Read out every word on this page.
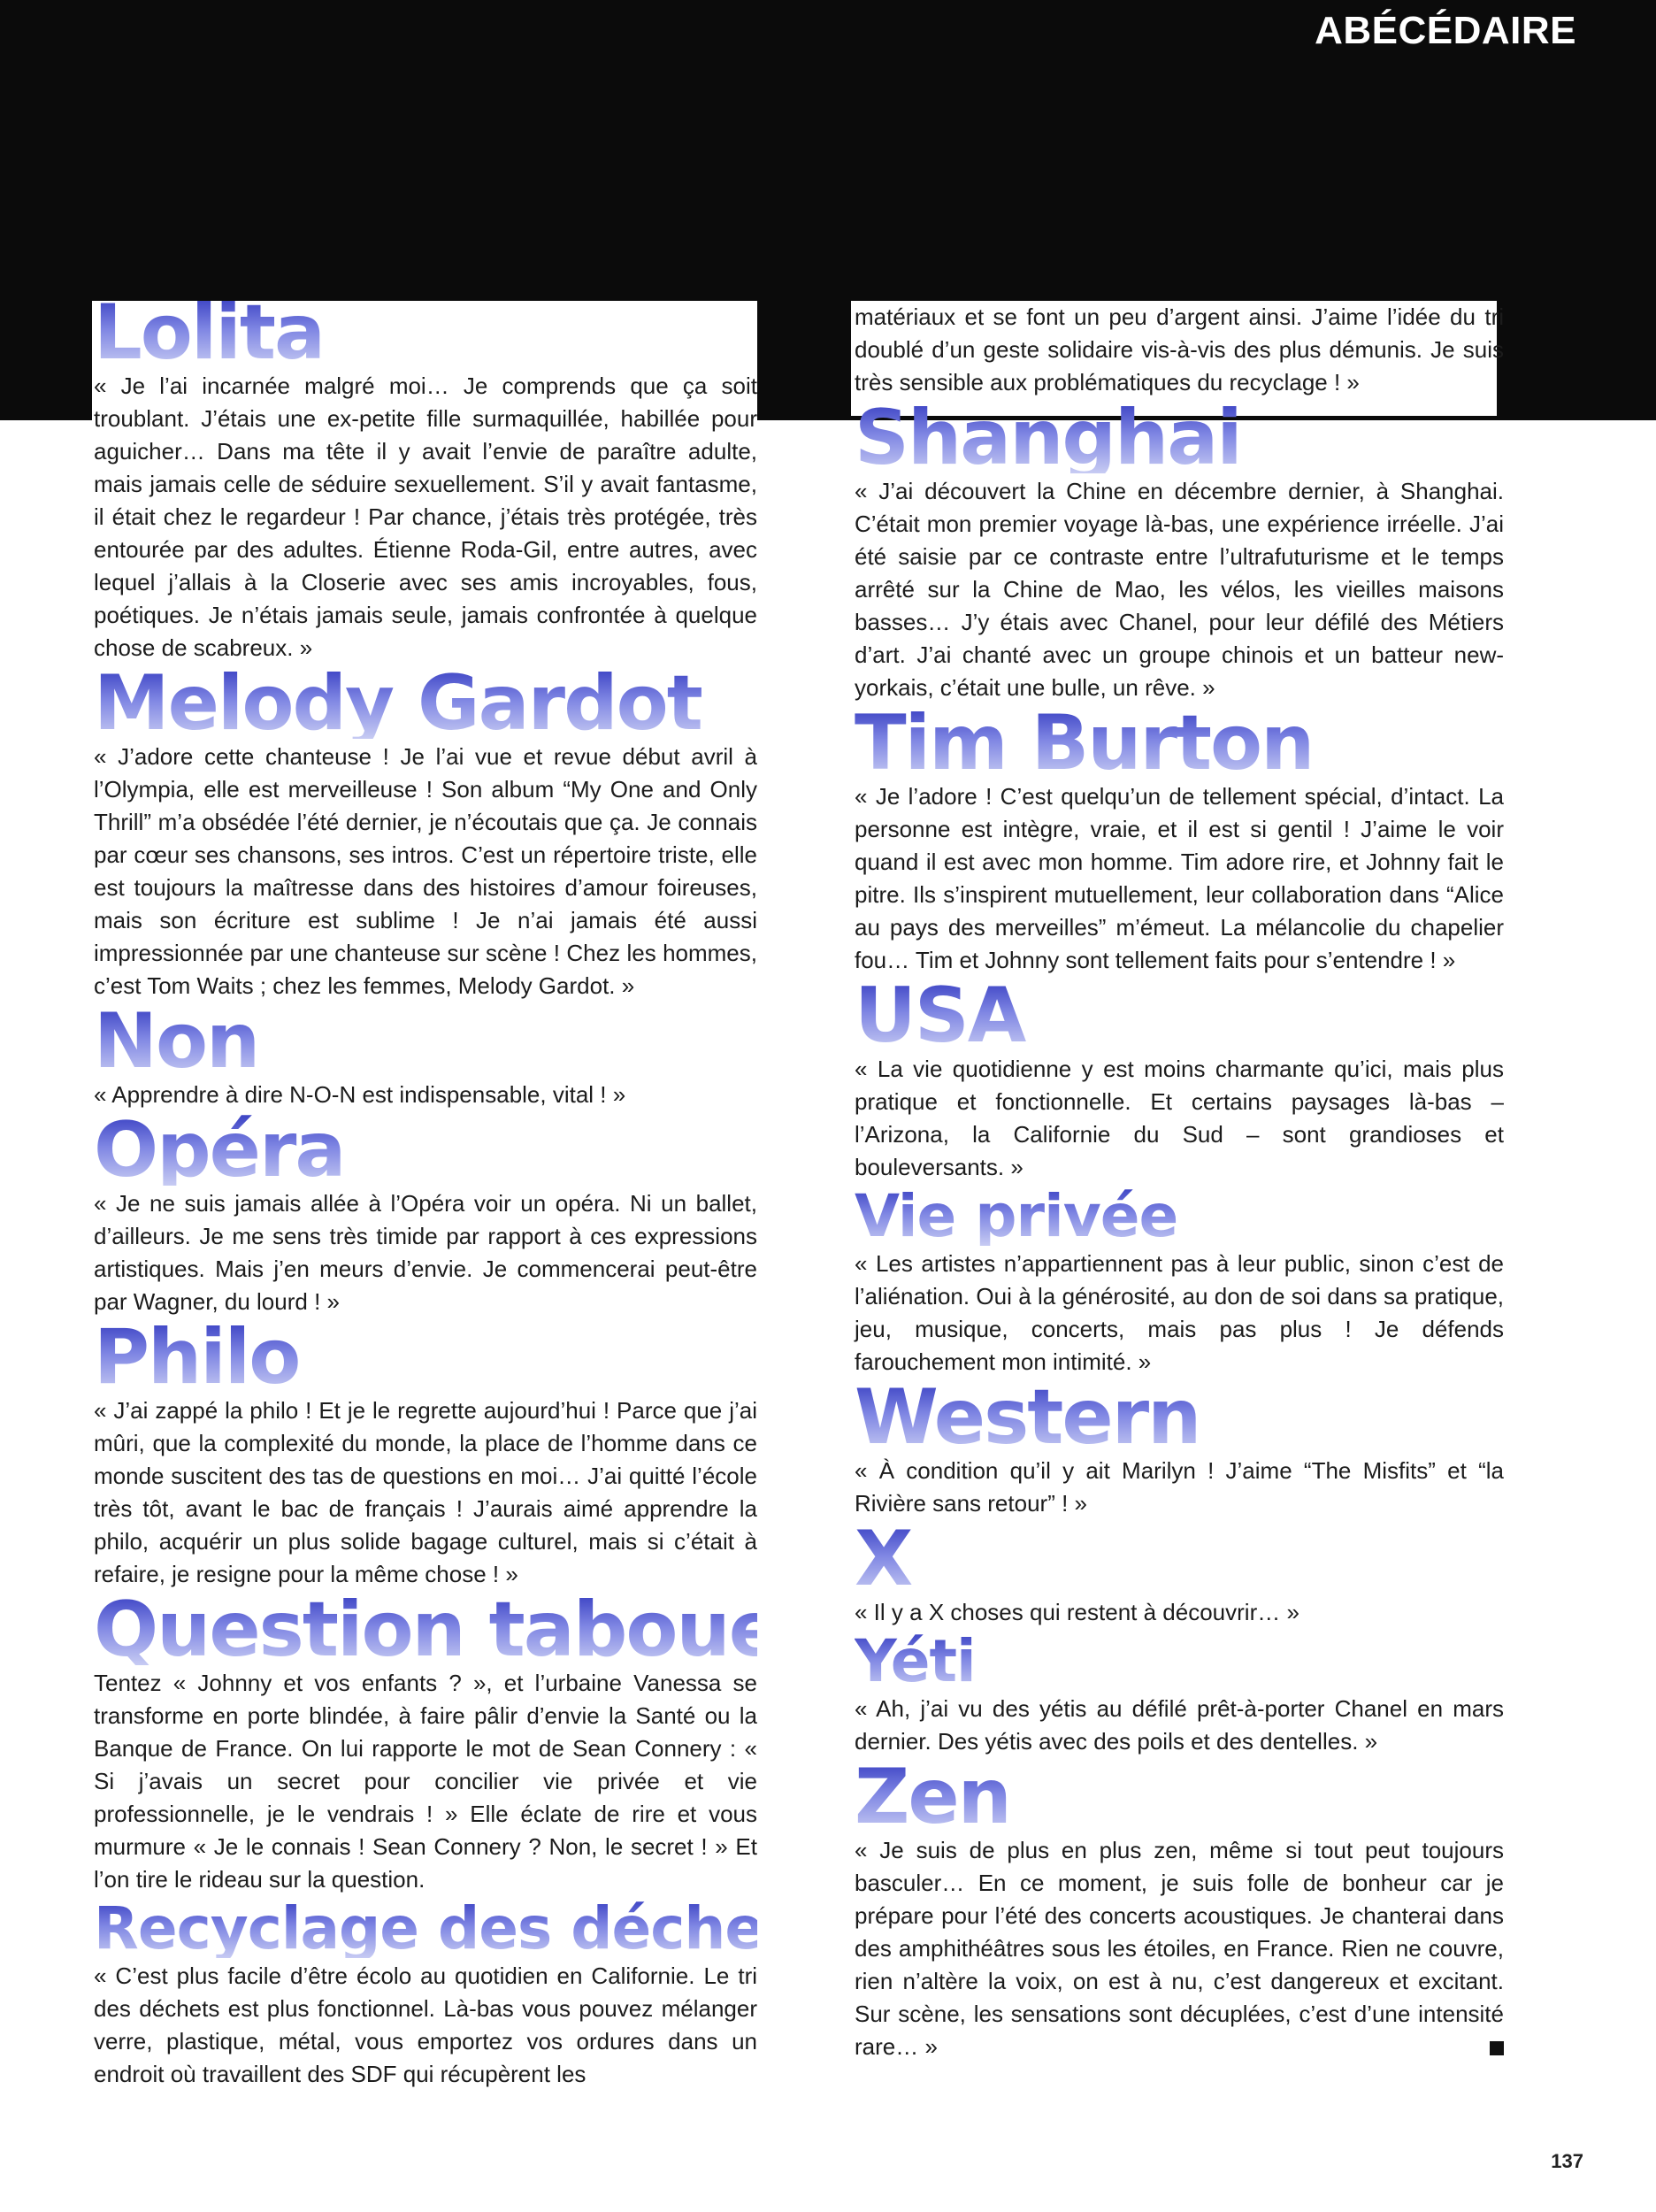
ABÉCÉDAIRE
Lolita

« Je l’ai incarnée malgré moi… Je comprends que ça soit troublant. J’étais une ex-petite fille surmaquillée, habillée pour aguicher… Dans ma tête il y avait l’envie de paraître adulte, mais jamais celle de séduire sexuellement. S’il y avait fantasme, il était chez le regardeur ! Par chance, j’étais très protégée, très entourée par des adultes. Étienne Roda-Gil, entre autres, avec lequel j’allais à la Closerie avec ses amis incroyables, fous, poétiques. Je n’étais jamais seule, jamais confrontée à quelque chose de scabreux. »

Melody Gardot

« J’adore cette chanteuse ! Je l’ai vue et revue début avril à l’Olympia, elle est merveilleuse ! Son album “My One and Only Thrill” m’a obsédée l’été dernier, je n’écoutais que ça. Je connais par cœur ses chansons, ses intros. C’est un répertoire triste, elle est toujours la maîtresse dans des histoires d’amour foireuses, mais son écriture est sublime ! Je n’ai jamais été aussi impressionnée par une chanteuse sur scène ! Chez les hommes, c’est Tom Waits ; chez les femmes, Melody Gardot. »

Non

« Apprendre à dire N-O-N est indispensable, vital ! »

Opéra

« Je ne suis jamais allée à l’Opéra voir un opéra. Ni un ballet, d’ailleurs. Je me sens très timide par rapport à ces expressions artistiques. Mais j’en meurs d’envie. Je commencerai peut-être par Wagner, du lourd ! »

Philo

« J’ai zappé la philo ! Et je le regrette aujourd’hui ! Parce que j’ai mûri, que la complexité du monde, la place de l’homme dans ce monde suscitent des tas de questions en moi… J’ai quitté l’école très tôt, avant le bac de français ! J’aurais aimé apprendre la philo, acquérir un plus solide bagage culturel, mais si c’était à refaire, je resigne pour la même chose ! »

Question taboue

Tentez « Johnny et vos enfants ? », et l’urbaine Vanessa se transforme en porte blindée, à faire pâlir d’envie la Santé ou la Banque de France. On lui rapporte le mot de Sean Connery : « Si j’avais un secret pour concilier vie privée et vie professionnelle, je le vendrais ! » Elle éclate de rire et vous murmure « Je le connais ! Sean Connery ? Non, le secret ! » Et l’on tire le rideau sur la question.

Recyclage des déchets

« C’est plus facile d’être écolo au quotidien en Californie. Le tri des déchets est plus fonctionnel. Là-bas vous pouvez mélanger verre, plastique, métal, vous emportez vos ordures dans un endroit où travaillent des SDF qui récupèrent les

matériaux et se font un peu d’argent ainsi. J’aime l’idée du tri doublé d’un geste solidaire vis-à-vis des plus démunis. Je suis très sensible aux problématiques du recyclage ! »

Shanghai

« J’ai découvert la Chine en décembre dernier, à Shanghai. C’était mon premier voyage là-bas, une expérience irréelle. J’ai été saisie par ce contraste entre l’ultrafuturisme et le temps arrêté sur la Chine de Mao, les vélos, les vieilles maisons basses… J’y étais avec Chanel, pour leur défilé des Métiers d’art. J’ai chanté avec un groupe chinois et un batteur new-yorkais, c’était une bulle, un rêve. »

Tim Burton

« Je l’adore ! C’est quelqu’un de tellement spécial, d’intact. La personne est intègre, vraie, et il est si gentil ! J’aime le voir quand il est avec mon homme. Tim adore rire, et Johnny fait le pitre. Ils s’inspirent mutuellement, leur collaboration dans “Alice au pays des merveilles” m’émeut. La mélancolie du chapelier fou… Tim et Johnny sont tellement faits pour s’entendre ! »

USA

« La vie quotidienne y est moins charmante qu’ici, mais plus pratique et fonctionnelle. Et certains paysages là-bas – l’Arizona, la Californie du Sud – sont grandioses et bouleversants. »

Vie privée

« Les artistes n’appartiennent pas à leur public, sinon c’est de l’aliénation. Oui à la générosité, au don de soi dans sa pratique, jeu, musique, concerts, mais pas plus ! Je défends farouchement mon intimité. »

Western

« À condition qu’il y ait Marilyn ! J’aime “The Misfits” et “la Rivière sans retour” ! »

X

« Il y a X choses qui restent à découvrir… »

Yéti

« Ah, j’ai vu des yétis au défilé prêt-à-porter Chanel en mars dernier. Des yétis avec des poils et des dentelles. »

Zen

« Je suis de plus en plus zen, même si tout peut toujours basculer… En ce moment, je suis folle de bonheur car je prépare pour l’été des concerts acoustiques. Je chanterai dans des amphithéâtres sous les étoiles, en France. Rien ne couvre, rien n’altère la voix, on est à nu, c’est dangereux et excitant. Sur scène, les sensations sont décuplées, c’est d’une intensité rare… »

137
